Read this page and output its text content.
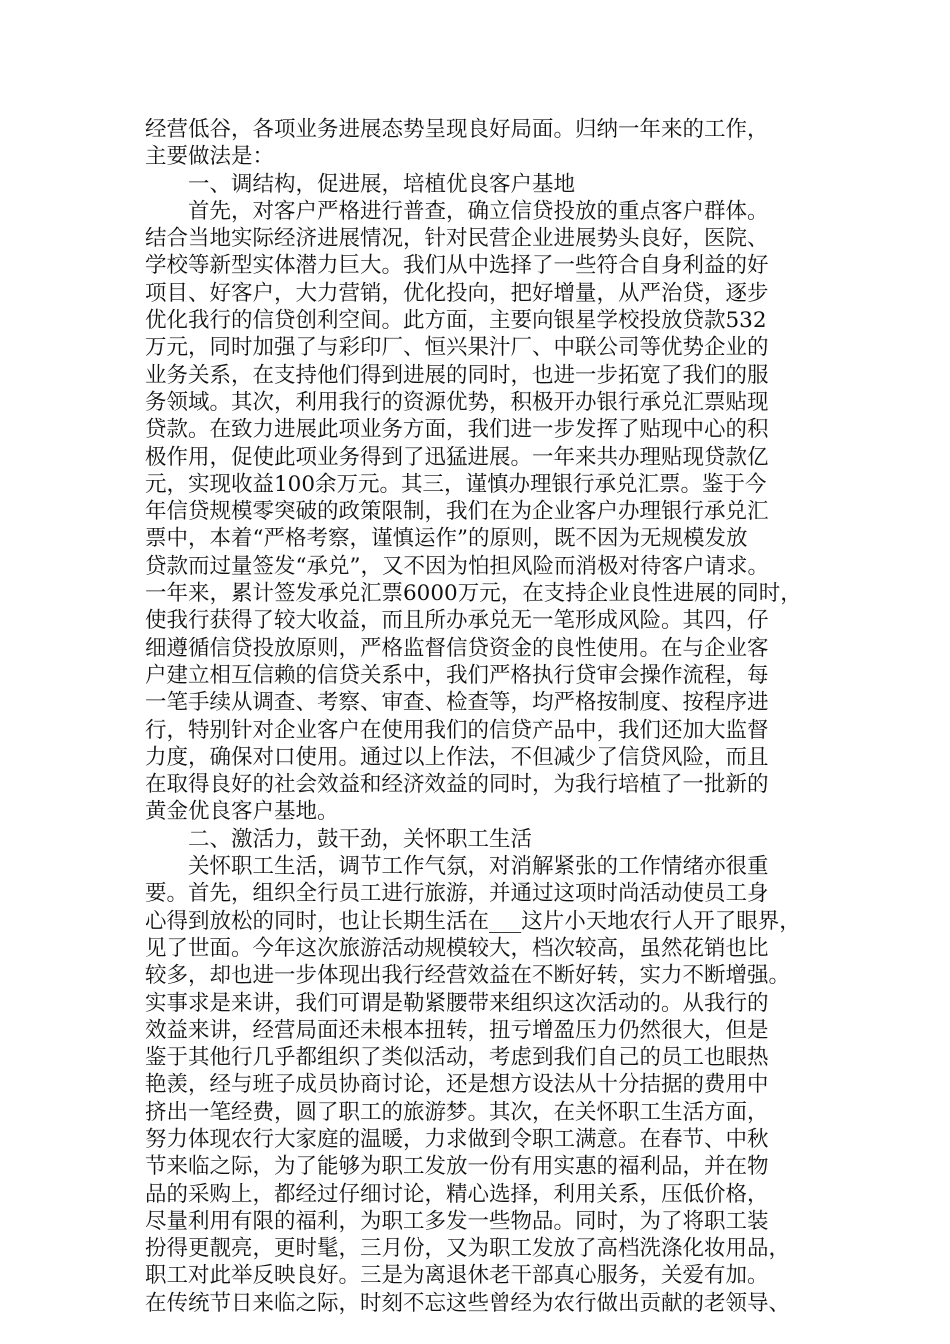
经营低谷，各项业务进展态势呈现良好局面。归纳一年来的工作，
主要做法是：
一、调结构，促进展，培植优良客户基地
首先，对客户严格进行普查，确立信贷投放的重点客户群体。
结合当地实际经济进展情况，针对民营企业进展势头良好，医院、
学校等新型实体潜力巨大。我们从中选择了一些符合自身利益的好
项目、好客户，大力营销，优化投向，把好增量，从严治贷，逐步
优化我行的信贷创利空间。此方面，主要向银星学校投放贷款532
万元，同时加强了与彩印厂、恒兴果汁厂、中联公司等优势企业的
业务关系，在支持他们得到进展的同时，也进一步拓宽了我们的服
务领域。其次，利用我行的资源优势，积极开办银行承兑汇票贴现
贷款。在致力进展此项业务方面，我们进一步发挥了贴现中心的积
极作用，促使此项业务得到了迅猛进展。一年来共办理贴现贷款亿
元，实现收益100余万元。其三，谨慎办理银行承兑汇票。鉴于今
年信贷规模零突破的政策限制，我们在为企业客户办理银行承兑汇
票中，本着“严格考察，谨慎运作”的原则，既不因为无规模发放
贷款而过量签发“承兑”，又不因为怕担风险而消极对待客户请求。
一年来，累计签发承兑汇票6000万元，在支持企业良性进展的同时，
使我行获得了较大收益，而且所办承兑无一笔形成风险。其四，仔
细遵循信贷投放原则，严格监督信贷资金的良性使用。在与企业客
户建立相互信赖的信贷关系中，我们严格执行贷审会操作流程，每
一笔手续从调查、考察、审查、检查等，均严格按制度、按程序进
行，特别针对企业客户在使用我们的信贷产品中，我们还加大监督
力度，确保对口使用。通过以上作法，不但减少了信贷风险，而且
在取得良好的社会效益和经济效益的同时，为我行培植了一批新的
黄金优良客户基地。
二、激活力，鼓干劲，关怀职工生活
关怀职工生活，调节工作气氛，对消解紧张的工作情绪亦很重
要。首先，组织全行员工进行旅游，并通过这项时尚活动使员工身
心得到放松的同时，也让长期生活在___这片小天地农行人开了眼界，
见了世面。今年这次旅游活动规模较大，档次较高，虽然花销也比
较多，却也进一步体现出我行经营效益在不断好转，实力不断增强。
实事求是来讲，我们可谓是勒紧腰带来组织这次活动的。从我行的
效益来讲，经营局面还未根本扭转，扭亏增盈压力仍然很大，但是
鉴于其他行几乎都组织了类似活动，考虑到我们自己的员工也眼热
艳羡，经与班子成员协商讨论，还是想方设法从十分拮据的费用中
挤出一笔经费，圆了职工的旅游梦。其次，在关怀职工生活方面，
努力体现农行大家庭的温暖，力求做到令职工满意。在春节、中秋
节来临之际，为了能够为职工发放一份有用实惠的福利品，并在物
品的采购上，都经过仔细讨论，精心选择，利用关系，压低价格，
尽量利用有限的福利，为职工多发一些物品。同时，为了将职工装
扮得更靓亮，更时髦，三月份，又为职工发放了高档洗涤化妆用品，
职工对此举反映良好。三是为离退休老干部真心服务，关爱有加。
在传统节日来临之际，时刻不忘这些曾经为农行做出贡献的老领导、
